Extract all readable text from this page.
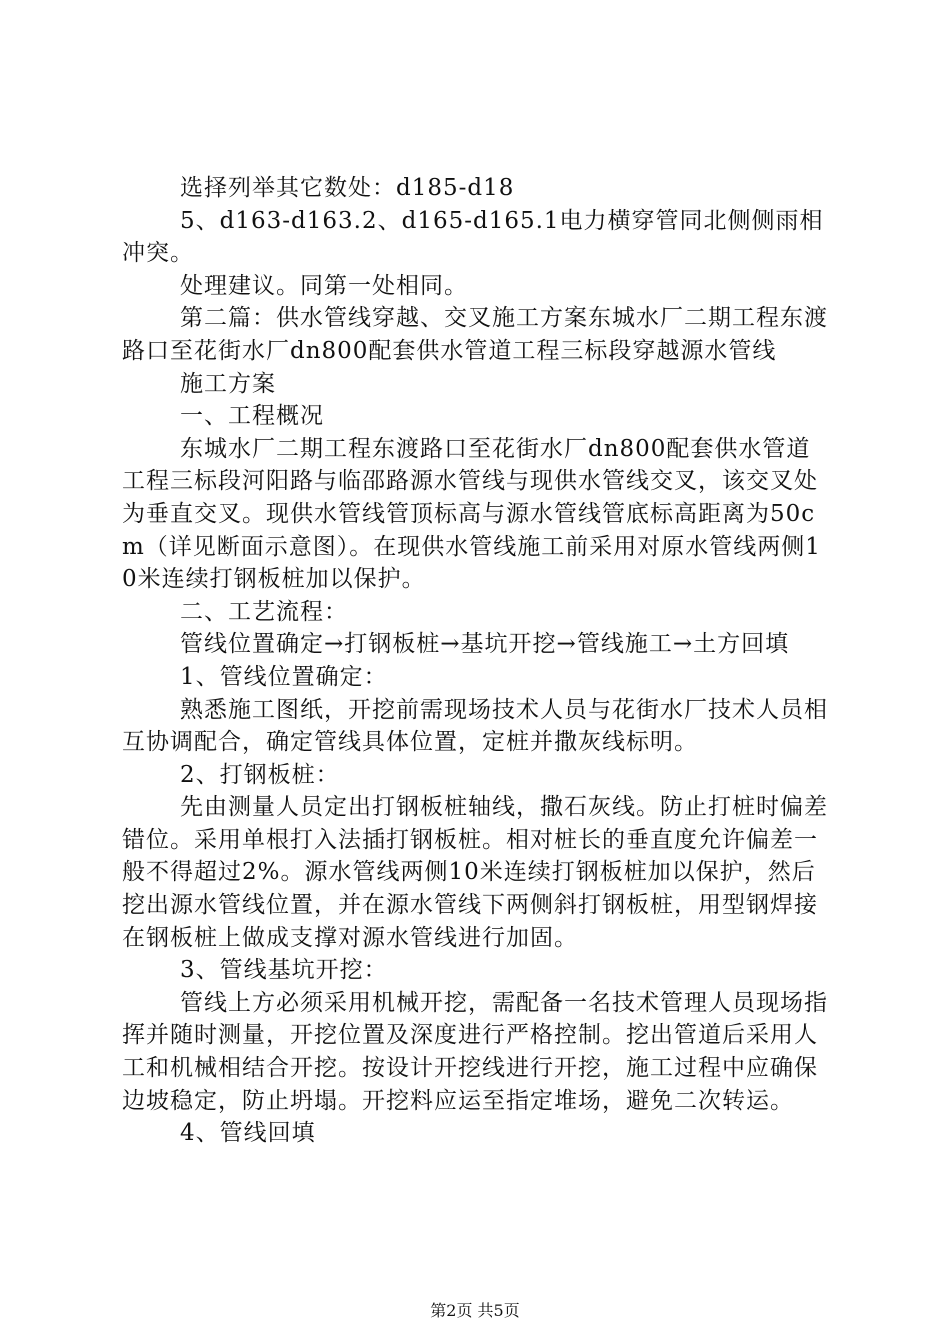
选择列举其它数处：d185-d18

5、d163-d163.2、d165-d165.1电力横穿管同北侧侧雨相冲突。

处理建议。同第一处相同。

第二篇：供水管线穿越、交叉施工方案东城水厂二期工程东渡路口至花街水厂dn800配套供水管道工程三标段穿越源水管线

施工方案

一、工程概况

东城水厂二期工程东渡路口至花街水厂dn800配套供水管道工程三标段河阳路与临邵路源水管线与现供水管线交叉，该交叉处为垂直交叉。现供水管线管顶标高与源水管线管底标高距离为50cm（详见断面示意图）。在现供水管线施工前采用对原水管线两侧10米连续打钢板桩加以保护。

二、工艺流程：

管线位置确定→打钢板桩→基坑开挖→管线施工→土方回填

1、管线位置确定：

熟悉施工图纸，开挖前需现场技术人员与花街水厂技术人员相互协调配合，确定管线具体位置，定桩并撒灰线标明。

2、打钢板桩：

先由测量人员定出打钢板桩轴线，撒石灰线。防止打桩时偏差错位。采用单根打入法插打钢板桩。相对桩长的垂直度允许偏差一般不得超过2%。源水管线两侧10米连续打钢板桩加以保护，然后挖出源水管线位置，并在源水管线下两侧斜打钢板桩，用型钢焊接在钢板桩上做成支撑对源水管线进行加固。

3、管线基坑开挖：

管线上方必须采用机械开挖，需配备一名技术管理人员现场指挥并随时测量，开挖位置及深度进行严格控制。挖出管道后采用人工和机械相结合开挖。按设计开挖线进行开挖，施工过程中应确保边坡稳定，防止坍塌。开挖料应运至指定堆场，避免二次转运。

4、管线回填

第2页 共5页
